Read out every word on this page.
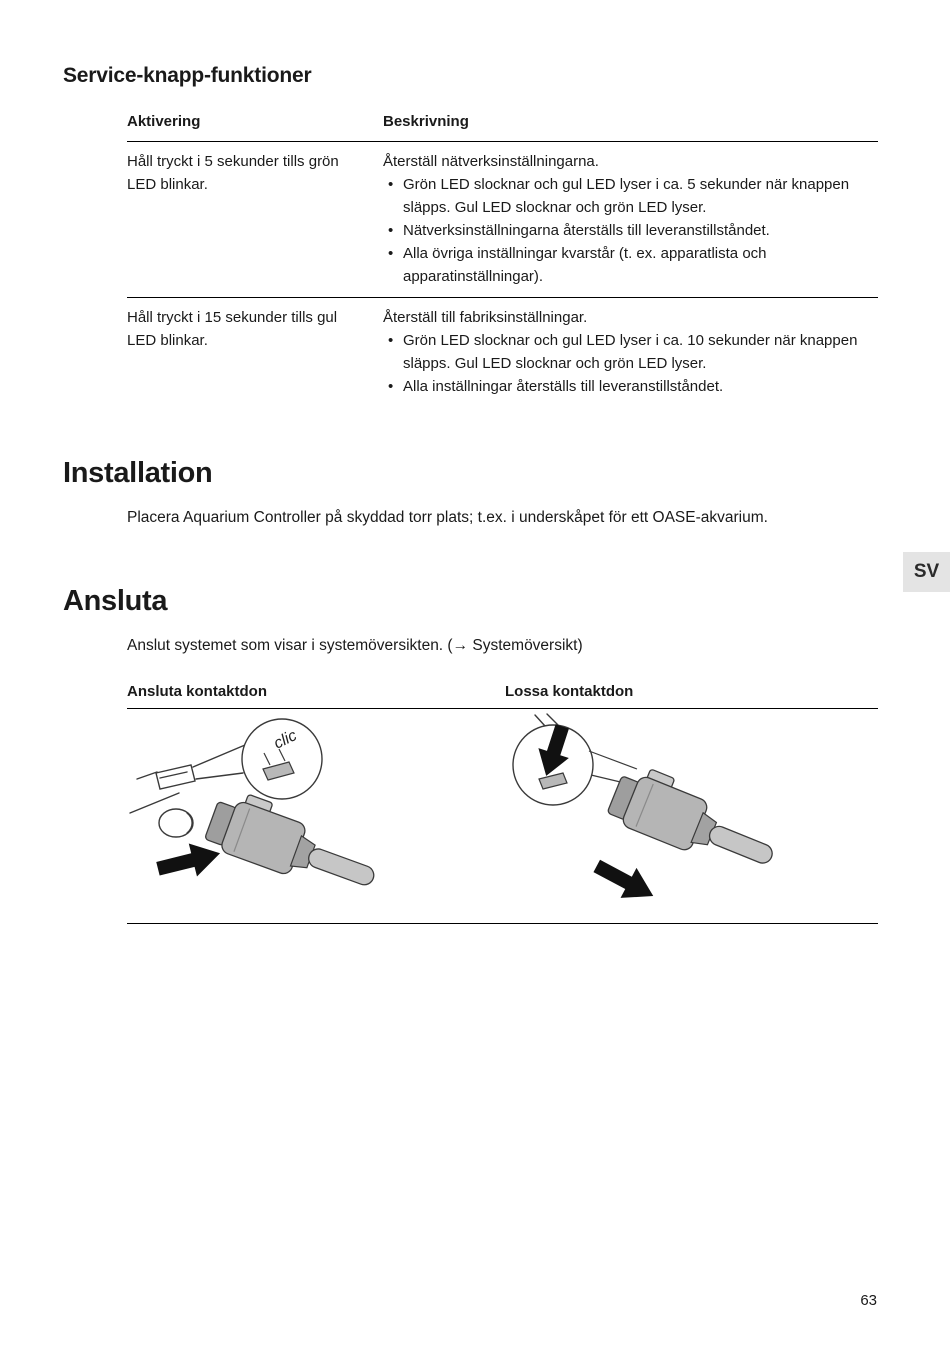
Service-knapp-funktioner
Aktivering	Beskrivning
Håll tryckt i 5 sekunder tills grön LED blinkar.
Återställ nätverksinställningarna.
• Grön LED slocknar och gul LED lyser i ca. 5 sekunder när knappen släpps. Gul LED slocknar och grön LED lyser.
• Nätverksinställningarna återställs till leveranstillståndet.
• Alla övriga inställningar kvarstår (t. ex. apparatlista och apparatinställningar).
Håll tryckt i 15 sekunder tills gul LED blinkar.
Återställ till fabriksinställningar.
• Grön LED slocknar och gul LED lyser i ca. 10 sekunder när knappen släpps. Gul LED slocknar och grön LED lyser.
• Alla inställningar återställs till leveranstillståndet.
Installation

Placera Aquarium Controller på skyddad torr plats; t.ex. i underskåpet för ett OASE-akvarium.

Ansluta

Anslut systemet som visar i systemöversikten. (→ Systemöversikt)

Ansluta kontaktdon	Lossa kontaktdon
clic
SV
63
